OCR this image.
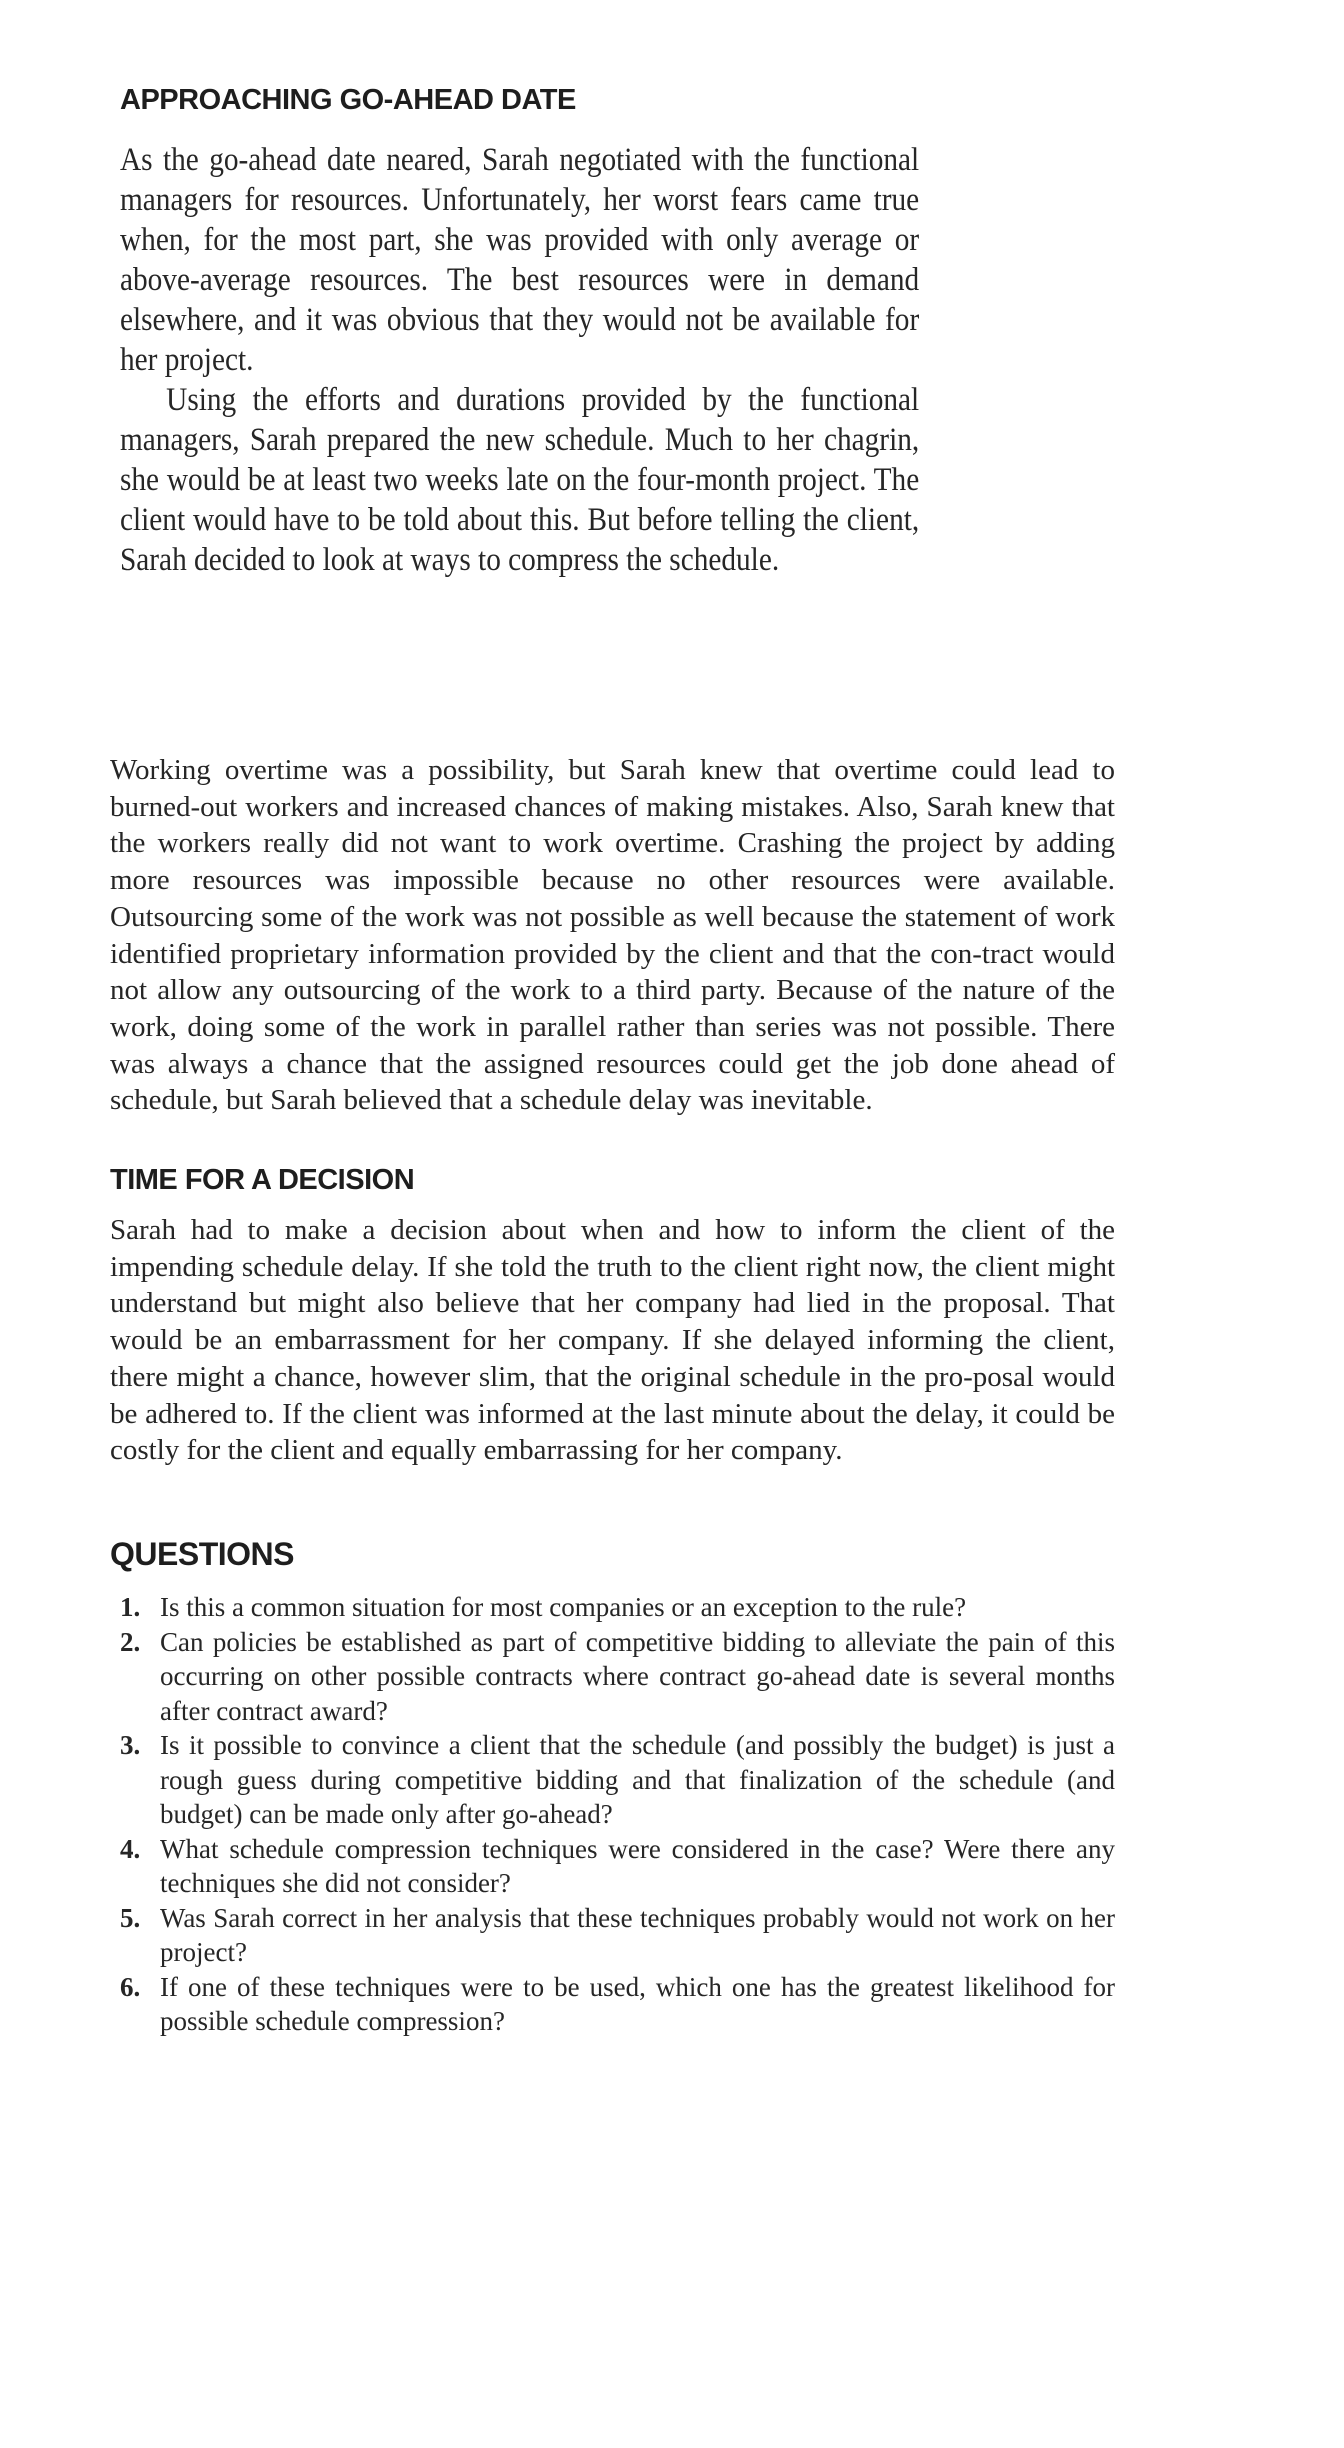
APPROACHING GO-AHEAD DATE

As the go-ahead date neared, Sarah negotiated with the functional managers for resources. Unfortunately, her worst fears came true when, for the most part, she was provided with only average or above-average resources. The best resources were in demand elsewhere, and it was obvious that they would not be available for her project.

Using the efforts and durations provided by the functional managers, Sarah prepared the new schedule. Much to her chagrin, she would be at least two weeks late on the four-month project. The client would have to be told about this. But before telling the client, Sarah decided to look at ways to compress the schedule.

Working overtime was a possibility, but Sarah knew that overtime could lead to burned-out workers and increased chances of making mistakes. Also, Sarah knew that the workers really did not want to work overtime. Crashing the project by adding more resources was impossible because no other resources were available. Outsourcing some of the work was not possible as well because the statement of work identified proprietary information provided by the client and that the con-tract would not allow any outsourcing of the work to a third party. Because of the nature of the work, doing some of the work in parallel rather than series was not possible. There was always a chance that the assigned resources could get the job done ahead of schedule, but Sarah believed that a schedule delay was inevitable.

TIME FOR A DECISION

Sarah had to make a decision about when and how to inform the client of the impending schedule delay. If she told the truth to the client right now, the client might understand but might also believe that her company had lied in the proposal. That would be an embarrassment for her company. If she delayed informing the client, there might a chance, however slim, that the original schedule in the pro-posal would be adhered to. If the client was informed at the last minute about the delay, it could be costly for the client and equally embarrassing for her company.

QUESTIONS
1. Is this a common situation for most companies or an exception to the rule?
2. Can policies be established as part of competitive bidding to alleviate the pain of this occurring on other possible contracts where contract go-ahead date is several months after contract award?
3. Is it possible to convince a client that the schedule (and possibly the budget) is just a rough guess during competitive bidding and that finalization of the schedule (and budget) can be made only after go-ahead?
4. What schedule compression techniques were considered in the case? Were there any techniques she did not consider?
5. Was Sarah correct in her analysis that these techniques probably would not work on her project?
6. If one of these techniques were to be used, which one has the greatest likelihood for possible schedule compression?
